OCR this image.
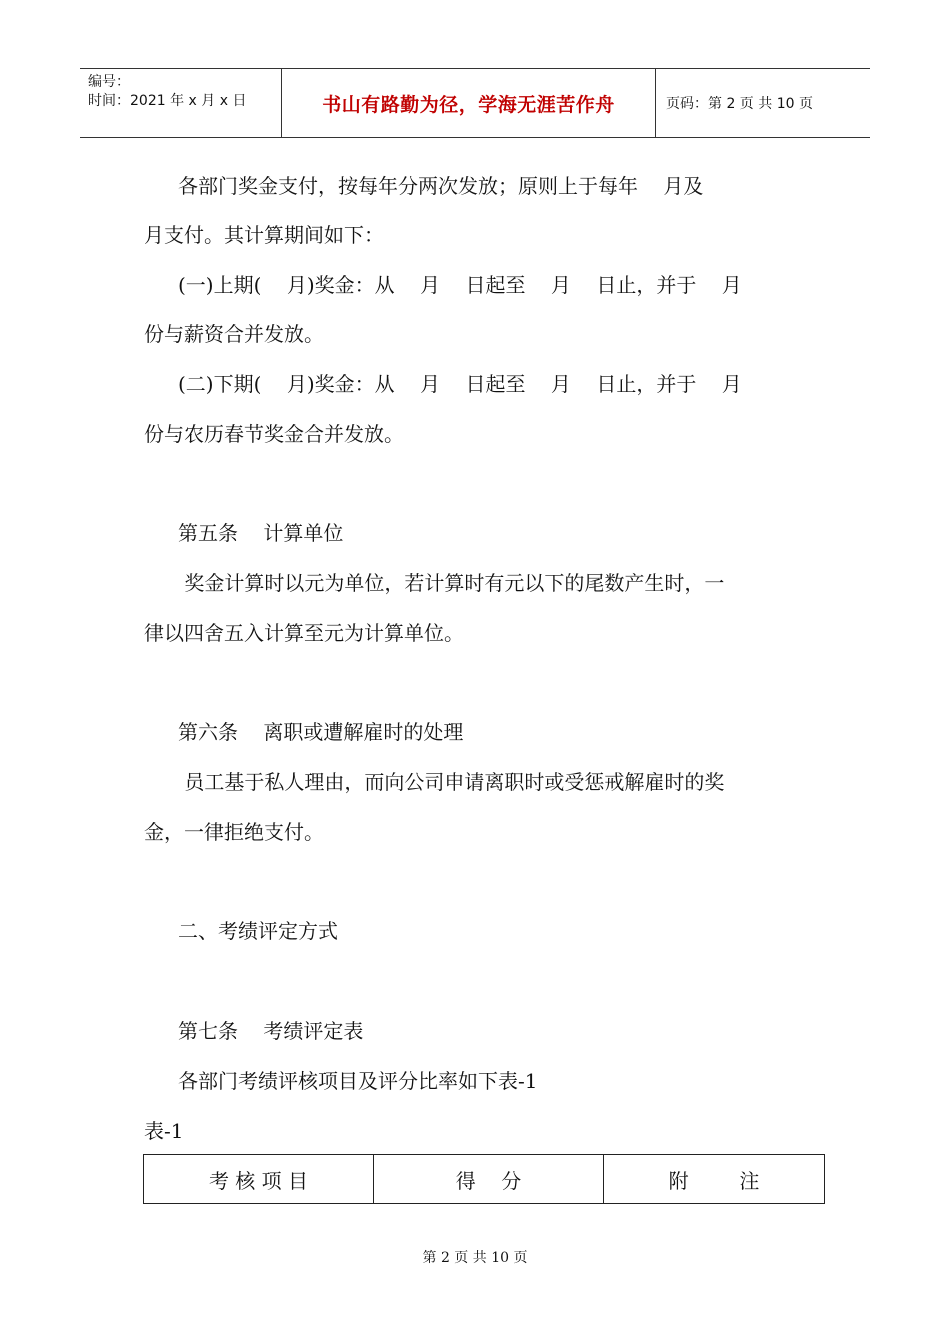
编号：
时间：2021 年 x 月 x 日	书山有路勤为径，学海无涯苦作舟	页码：第 2 页 共 10 页
各部门奖金支付，按每年分两次发放；原则上于每年    月及
月支付。其计算期间如下：
(一)上期(    月)奖金：从    月    日起至    月    日止，并于    月
份与薪资合并发放。
(二)下期(    月)奖金：从    月    日起至    月    日止，并于    月
份与农历春节奖金合并发放。
第五条    计算单位
奖金计算时以元为单位，若计算时有元以下的尾数产生时，一
律以四舍五入计算至元为计算单位。
第六条    离职或遭解雇时的处理
员工基于私人理由，而向公司申请离职时或受惩戒解雇时的奖
金，一律拒绝支付。
二、考绩评定方式
第七条    考绩评定表
各部门考绩评核项目及评分比率如下表-1
表-1
考 核 项 目	得    分	附        注
第 2 页 共 10 页
